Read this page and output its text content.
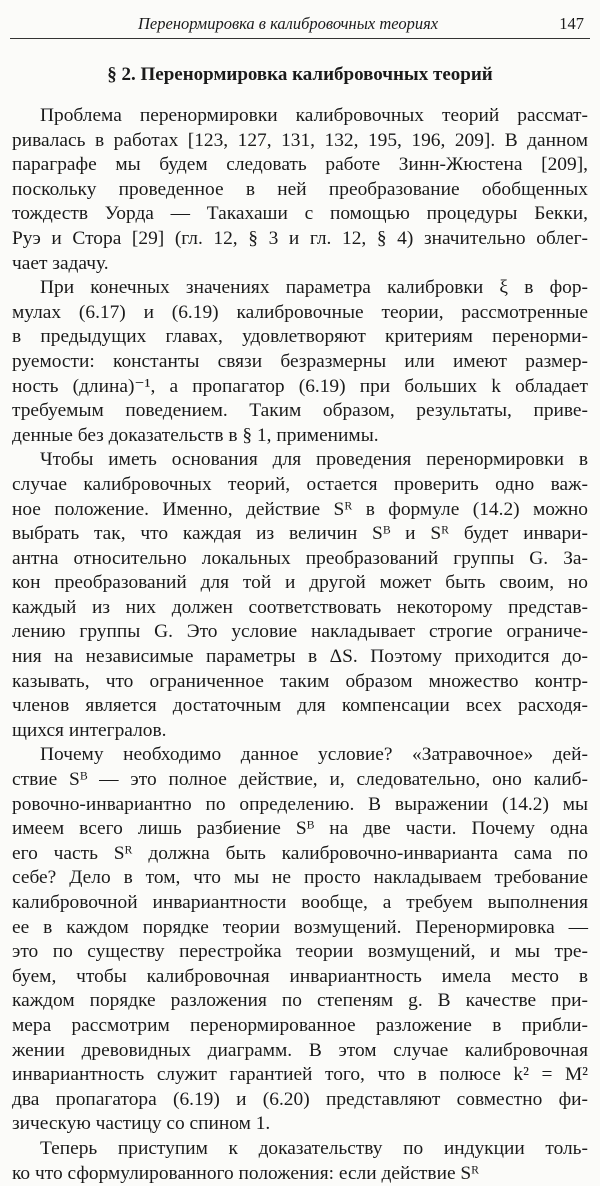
Перенормировка в калибровочных теориях	147
§ 2. Перенормировка калибровочных теорий
Проблема перенормировки калибровочных теорий рассмат-
ривалась в работах [123, 127, 131, 132, 195, 196, 209]. В данном
параграфе мы будем следовать работе Зинн-Жюстена [209],
поскольку проведенное в ней преобразование обобщенных
тождеств Уорда — Такахаши с помощью процедуры Бекки,
Руэ и Стора [29] (гл. 12, § 3 и гл. 12, § 4) значительно облег-
чает задачу.
При конечных значениях параметра калибровки ξ в фор-
мулах (6.17) и (6.19) калибровочные теории, рассмотренные
в предыдущих главах, удовлетворяют критериям перенорми-
руемости: константы связи безразмерны или имеют размер-
ность (длина)⁻¹, а пропагатор (6.19) при больших k обладает
требуемым поведением. Таким образом, результаты, приве-
денные без доказательств в § 1, применимы.
Чтобы иметь основания для проведения перенормировки в
случае калибровочных теорий, остается проверить одно важ-
ное положение. Именно, действие Sᴿ в формуле (14.2) можно
выбрать так, что каждая из величин Sᴮ и Sᴿ будет инвари-
антна относительно локальных преобразований группы G. За-
кон преобразований для той и другой может быть своим, но
каждый из них должен соответствовать некоторому представ-
лению группы G. Это условие накладывает строгие ограниче-
ния на независимые параметры в ΔS. Поэтому приходится до-
казывать, что ограниченное таким образом множество контр-
членов является достаточным для компенсации всех расходя-
щихся интегралов.
Почему необходимо данное условие? «Затравочное» дей-
ствие Sᴮ — это полное действие, и, следовательно, оно калиб-
ровочно-инвариантно по определению. В выражении (14.2) мы
имеем всего лишь разбиение Sᴮ на две части. Почему одна
его часть Sᴿ должна быть калибровочно-инварианта сама по
себе? Дело в том, что мы не просто накладываем требование
калибровочной инвариантности вообще, а требуем выполнения
ее в каждом порядке теории возмущений. Перенормировка —
это по существу перестройка теории возмущений, и мы тре-
буем, чтобы калибровочная инвариантность имела место в
каждом порядке разложения по степеням g. В качестве при-
мера рассмотрим перенормированное разложение в прибли-
жении древовидных диаграмм. В этом случае калибровочная
инвариантность служит гарантией того, что в полюсе k² = M²
два пропагатора (6.19) и (6.20) представляют совместно фи-
зическую частицу со спином 1.
Теперь приступим к доказательству по индукции толь-
ко что сформулированного положения: если действие Sᴿ
